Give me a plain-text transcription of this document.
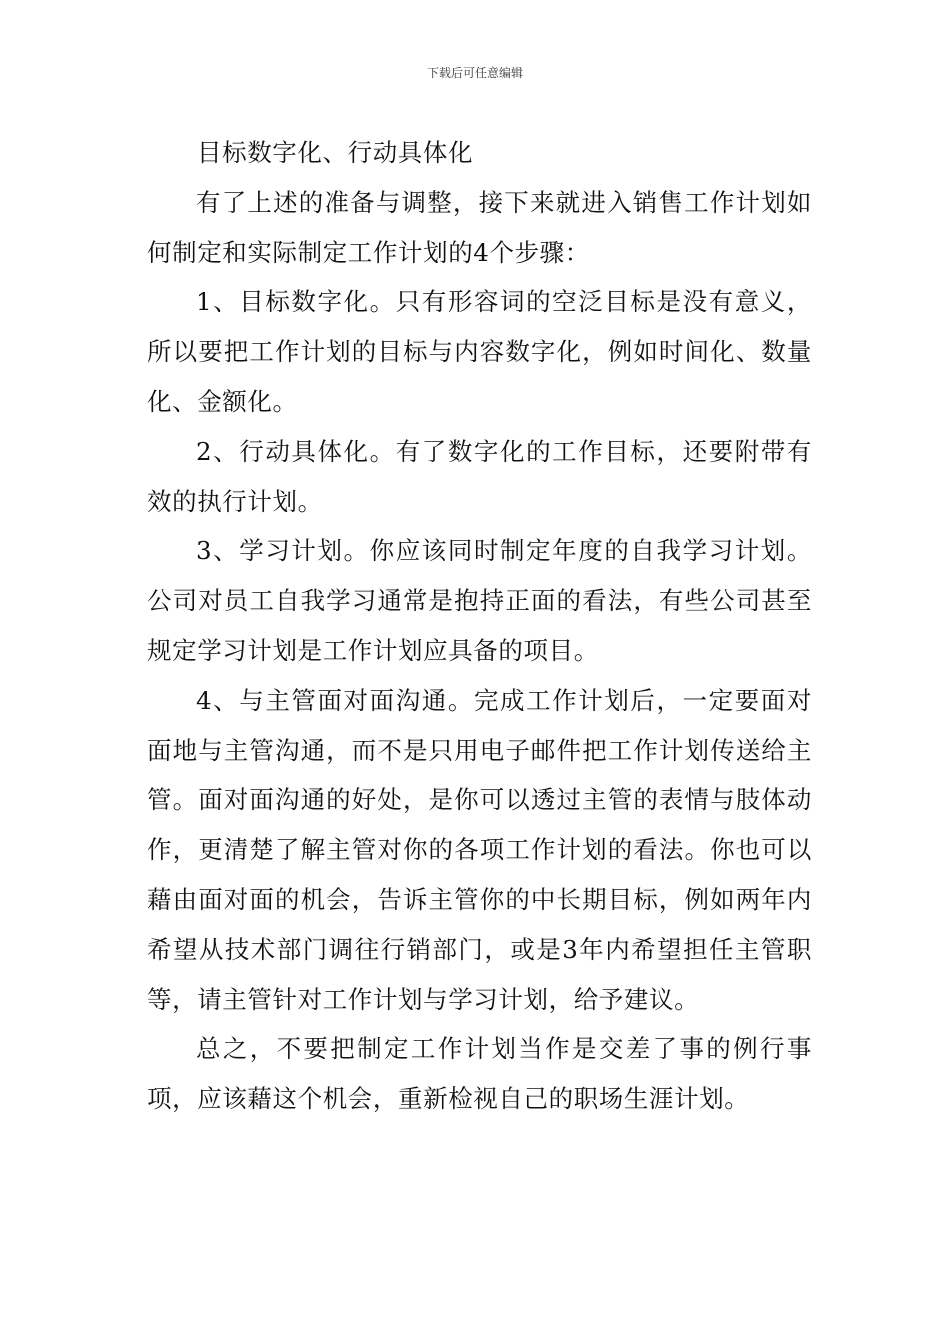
下载后可任意编辑

目标数字化、行动具体化

有了上述的准备与调整，接下来就进入销售工作计划如何制定和实际制定工作计划的4个步骤：

1、目标数字化。只有形容词的空泛目标是没有意义，所以要把工作计划的目标与内容数字化，例如时间化、数量化、金额化。

2、行动具体化。有了数字化的工作目标，还要附带有效的执行计划。

3、学习计划。你应该同时制定年度的自我学习计划。公司对员工自我学习通常是抱持正面的看法，有些公司甚至规定学习计划是工作计划应具备的项目。

4、与主管面对面沟通。完成工作计划后，一定要面对面地与主管沟通，而不是只用电子邮件把工作计划传送给主管。面对面沟通的好处，是你可以透过主管的表情与肢体动作，更清楚了解主管对你的各项工作计划的看法。你也可以藉由面对面的机会，告诉主管你的中长期目标，例如两年内希望从技术部门调往行销部门，或是3年内希望担任主管职等，请主管针对工作计划与学习计划，给予建议。

总之，不要把制定工作计划当作是交差了事的例行事项，应该藉这个机会，重新检视自己的职场生涯计划。
